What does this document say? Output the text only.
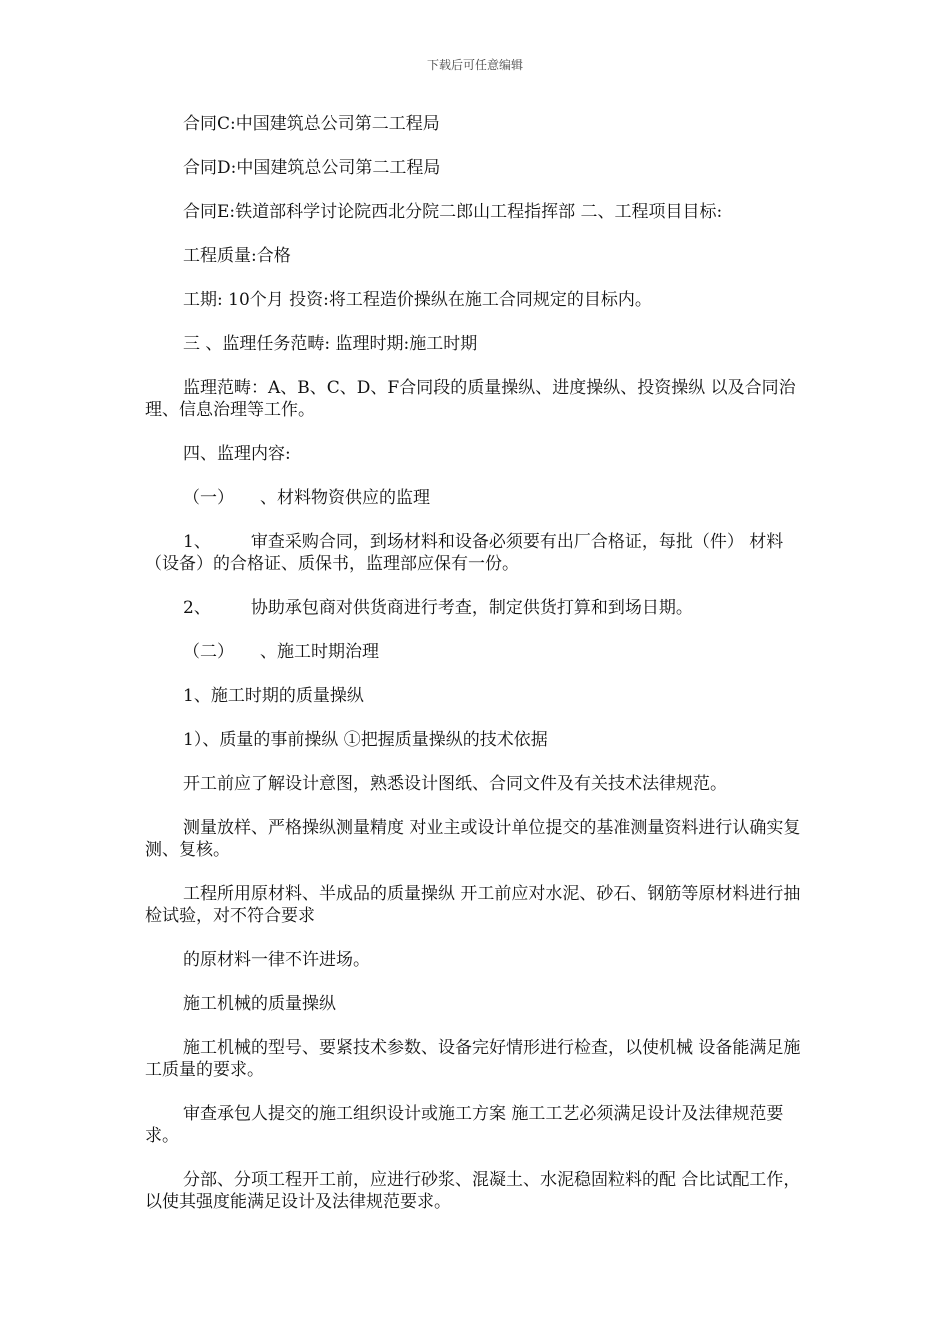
下载后可任意编辑

合同C:中国建筑总公司第二工程局

合同D:中国建筑总公司第二工程局

合同E:铁道部科学讨论院西北分院二郎山工程指挥部 二、工程项目目标:

工程质量:合格

工期: 10个月 投资:将工程造价操纵在施工合同规定的目标内。

三 、监理任务范畴: 监理时期:施工时期

监理范畴：A、B、C、D、F合同段的质量操纵、进度操纵、投资操纵 以及合同治理、信息治理等工作。

四、监理内容:

（一） 、材料物资供应的监理

1、 审查采购合同，到场材料和设备必须要有出厂合格证，每批（件） 材料（设备）的合格证、质保书，监理部应保有一份。

2、 协助承包商对供货商进行考查，制定供货打算和到场日期。

（二） 、施工时期治理

1、施工时期的质量操纵

1）、质量的事前操纵 ①把握质量操纵的技术依据

开工前应了解设计意图，熟悉设计图纸、合同文件及有关技术法律规范。

测量放样、严格操纵测量精度 对业主或设计单位提交的基准测量资料进行认确实复测、复核。

工程所用原材料、半成品的质量操纵 开工前应对水泥、砂石、钢筋等原材料进行抽检试验，对不符合要求

的原材料一律不许进场。

施工机械的质量操纵

施工机械的型号、要紧技术参数、设备完好情形进行检查，以使机械 设备能满足施工质量的要求。

审查承包人提交的施工组织设计或施工方案 施工工艺必须满足设计及法律规范要求。

分部、分项工程开工前，应进行砂浆、混凝土、水泥稳固粒料的配 合比试配工作，以使其强度能满足设计及法律规范要求。
